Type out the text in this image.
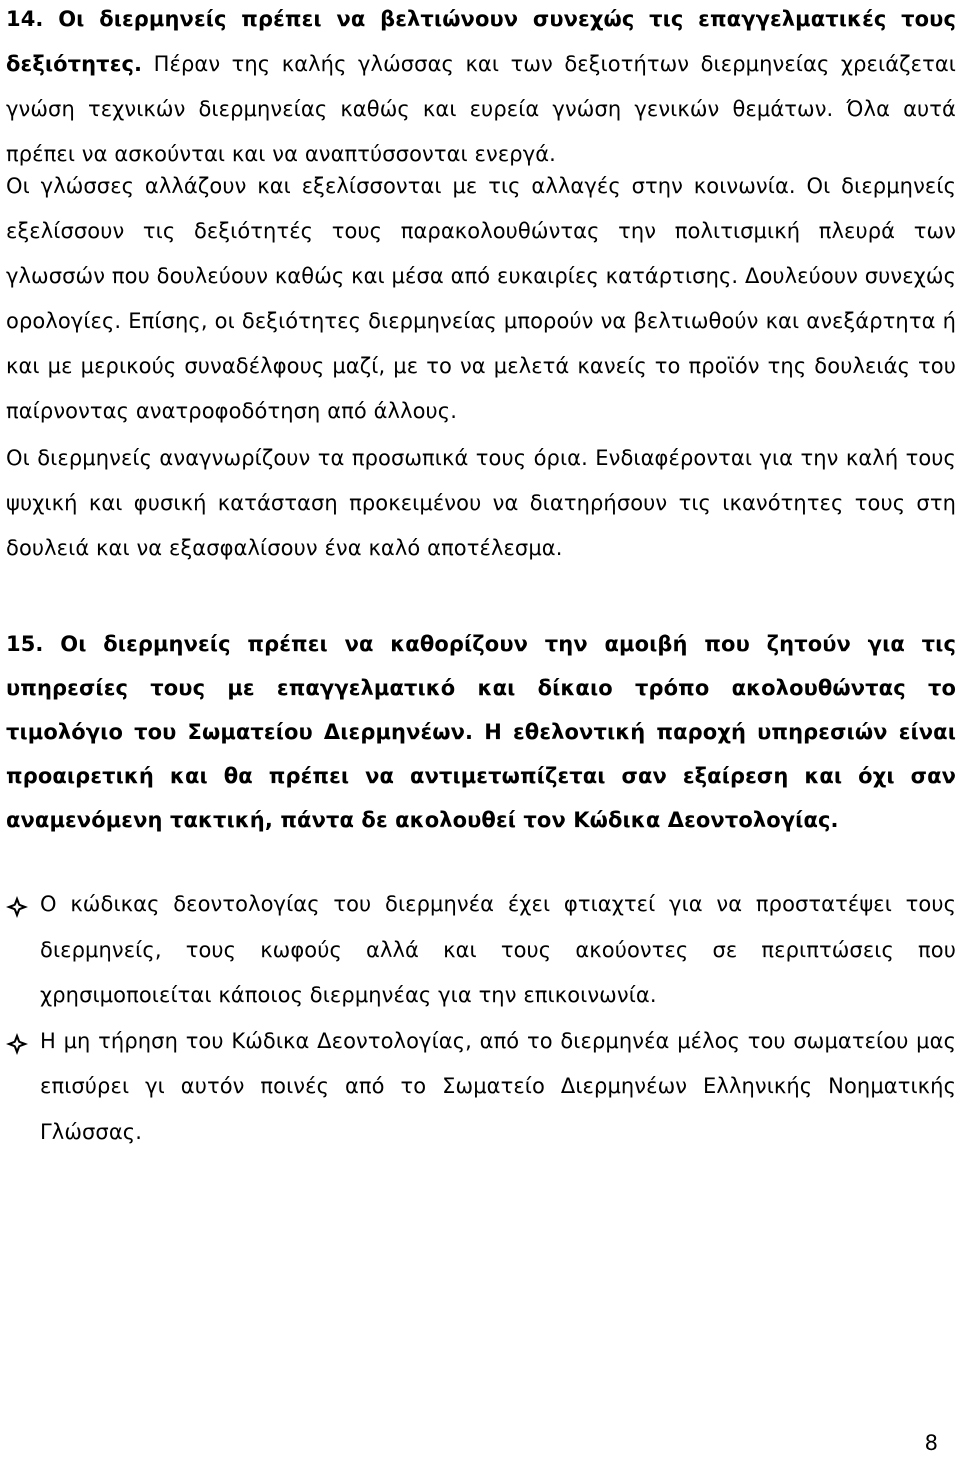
14. Οι διερμηνείς πρέπει να βελτιώνουν συνεχώς τις επαγγελματικές τους δεξιότητες. Πέραν της καλής γλώσσας και των δεξιοτήτων διερμηνείας χρειάζεται γνώση τεχνικών διερμηνείας καθώς και ευρεία γνώση γενικών θεμάτων. Όλα αυτά πρέπει να ασκούνται και να αναπτύσσονται ενεργά.

Οι γλώσσες αλλάζουν και εξελίσσονται με τις αλλαγές στην κοινωνία. Οι διερμηνείς εξελίσσουν τις δεξιότητές τους παρακολουθώντας την πολιτισμική πλευρά των γλωσσών που δουλεύουν καθώς και μέσα από ευκαιρίες κατάρτισης. Δουλεύουν συνεχώς ορολογίες. Επίσης, οι δεξιότητες διερμηνείας μπορούν να βελτιωθούν και ανεξάρτητα ή και με μερικούς συναδέλφους μαζί, με το να μελετά κανείς το προϊόν της δουλειάς του παίρνοντας ανατροφοδότηση από άλλους.

Οι διερμηνείς αναγνωρίζουν τα προσωπικά τους όρια. Ενδιαφέρονται για την καλή τους ψυχική και φυσική κατάσταση προκειμένου να διατηρήσουν τις ικανότητες τους στη δουλειά και να εξασφαλίσουν ένα καλό αποτέλεσμα.

15. Οι διερμηνείς πρέπει να καθορίζουν την αμοιβή που ζητούν για τις υπηρεσίες τους με επαγγελματικό και δίκαιο τρόπο ακολουθώντας το τιμολόγιο του Σωματείου Διερμηνέων. Η εθελοντική παροχή υπηρεσιών είναι προαιρετική και θα πρέπει να αντιμετωπίζεται σαν εξαίρεση και όχι σαν αναμενόμενη τακτική, πάντα δε ακολουθεί τον Κώδικα Δεοντολογίας.

Ο κώδικας δεοντολογίας του διερμηνέα έχει φτιαχτεί για να προστατέψει τους διερμηνείς, τους κωφούς αλλά και τους ακούοντες σε περιπτώσεις που χρησιμοποιείται κάποιος διερμηνέας για την επικοινωνία.

Η μη τήρηση του Κώδικα Δεοντολογίας, από το διερμηνέα μέλος του σωματείου μας επισύρει γι αυτόν ποινές από το Σωματείο Διερμηνέων Ελληνικής Νοηματικής Γλώσσας.

8
